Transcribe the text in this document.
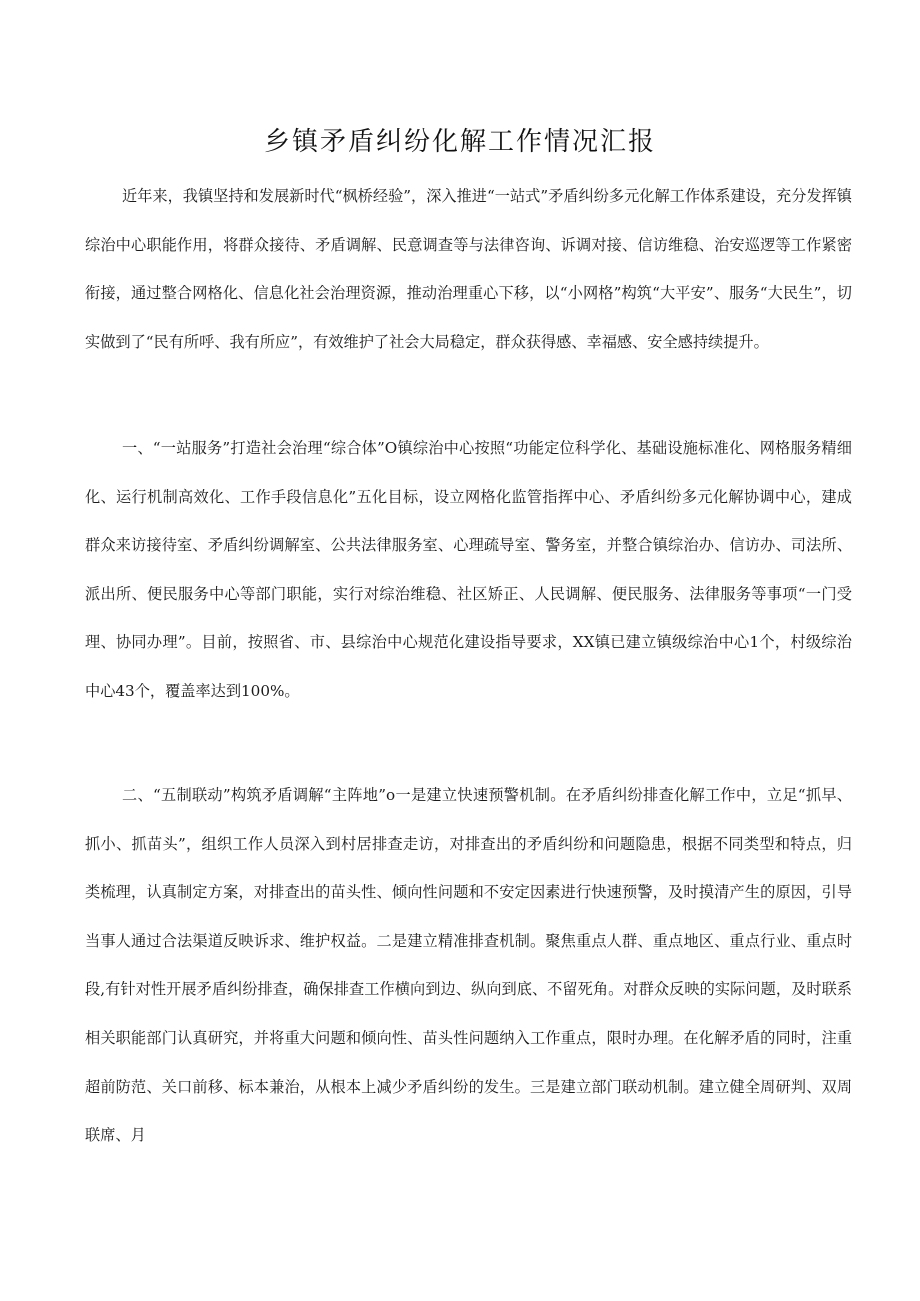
乡镇矛盾纠纷化解工作情况汇报

近年来，我镇坚持和发展新时代“枫桥经验”，深入推进“一站式”矛盾纠纷多元化解工作体系建设，充分发挥镇综治中心职能作用，将群众接待、矛盾调解、民意调查等与法律咨询、诉调对接、信访维稳、治安巡逻等工作紧密衔接，通过整合网格化、信息化社会治理资源，推动治理重心下移，以“小网格”构筑“大平安”、服务“大民生”，切实做到了“民有所呼、我有所应”，有效维护了社会大局稳定，群众获得感、幸福感、安全感持续提升。

一、“一站服务”打造社会治理“综合体”O镇综治中心按照“功能定位科学化、基础设施标准化、网格服务精细化、运行机制高效化、工作手段信息化”五化目标，设立网格化监管指挥中心、矛盾纠纷多元化解协调中心，建成群众来访接待室、矛盾纠纷调解室、公共法律服务室、心理疏导室、警务室，并整合镇综治办、信访办、司法所、派出所、便民服务中心等部门职能，实行对综治维稳、社区矫正、人民调解、便民服务、法律服务等事项“一门受理、协同办理”。目前，按照省、市、县综治中心规范化建设指导要求，XX镇已建立镇级综治中心1个，村级综治中心43个，覆盖率达到100%。

二、“五制联动”构筑矛盾调解“主阵地”o一是建立快速预警机制。在矛盾纠纷排查化解工作中，立足“抓早、抓小、抓苗头”，组织工作人员深入到村居排查走访，对排查出的矛盾纠纷和问题隐患，根据不同类型和特点，归类梳理，认真制定方案，对排查出的苗头性、倾向性问题和不安定因素进行快速预警，及时摸清产生的原因，引导当事人通过合法渠道反映诉求、维护权益。二是建立精准排查机制。聚焦重点人群、重点地区、重点行业、重点时段,有针对性开展矛盾纠纷排查，确保排查工作横向到边、纵向到底、不留死角。对群众反映的实际问题，及时联系相关职能部门认真研究，并将重大问题和倾向性、苗头性问题纳入工作重点，限时办理。在化解矛盾的同时，注重超前防范、关口前移、标本兼治，从根本上减少矛盾纠纷的发生。三是建立部门联动机制。建立健全周研判、双周联席、月
